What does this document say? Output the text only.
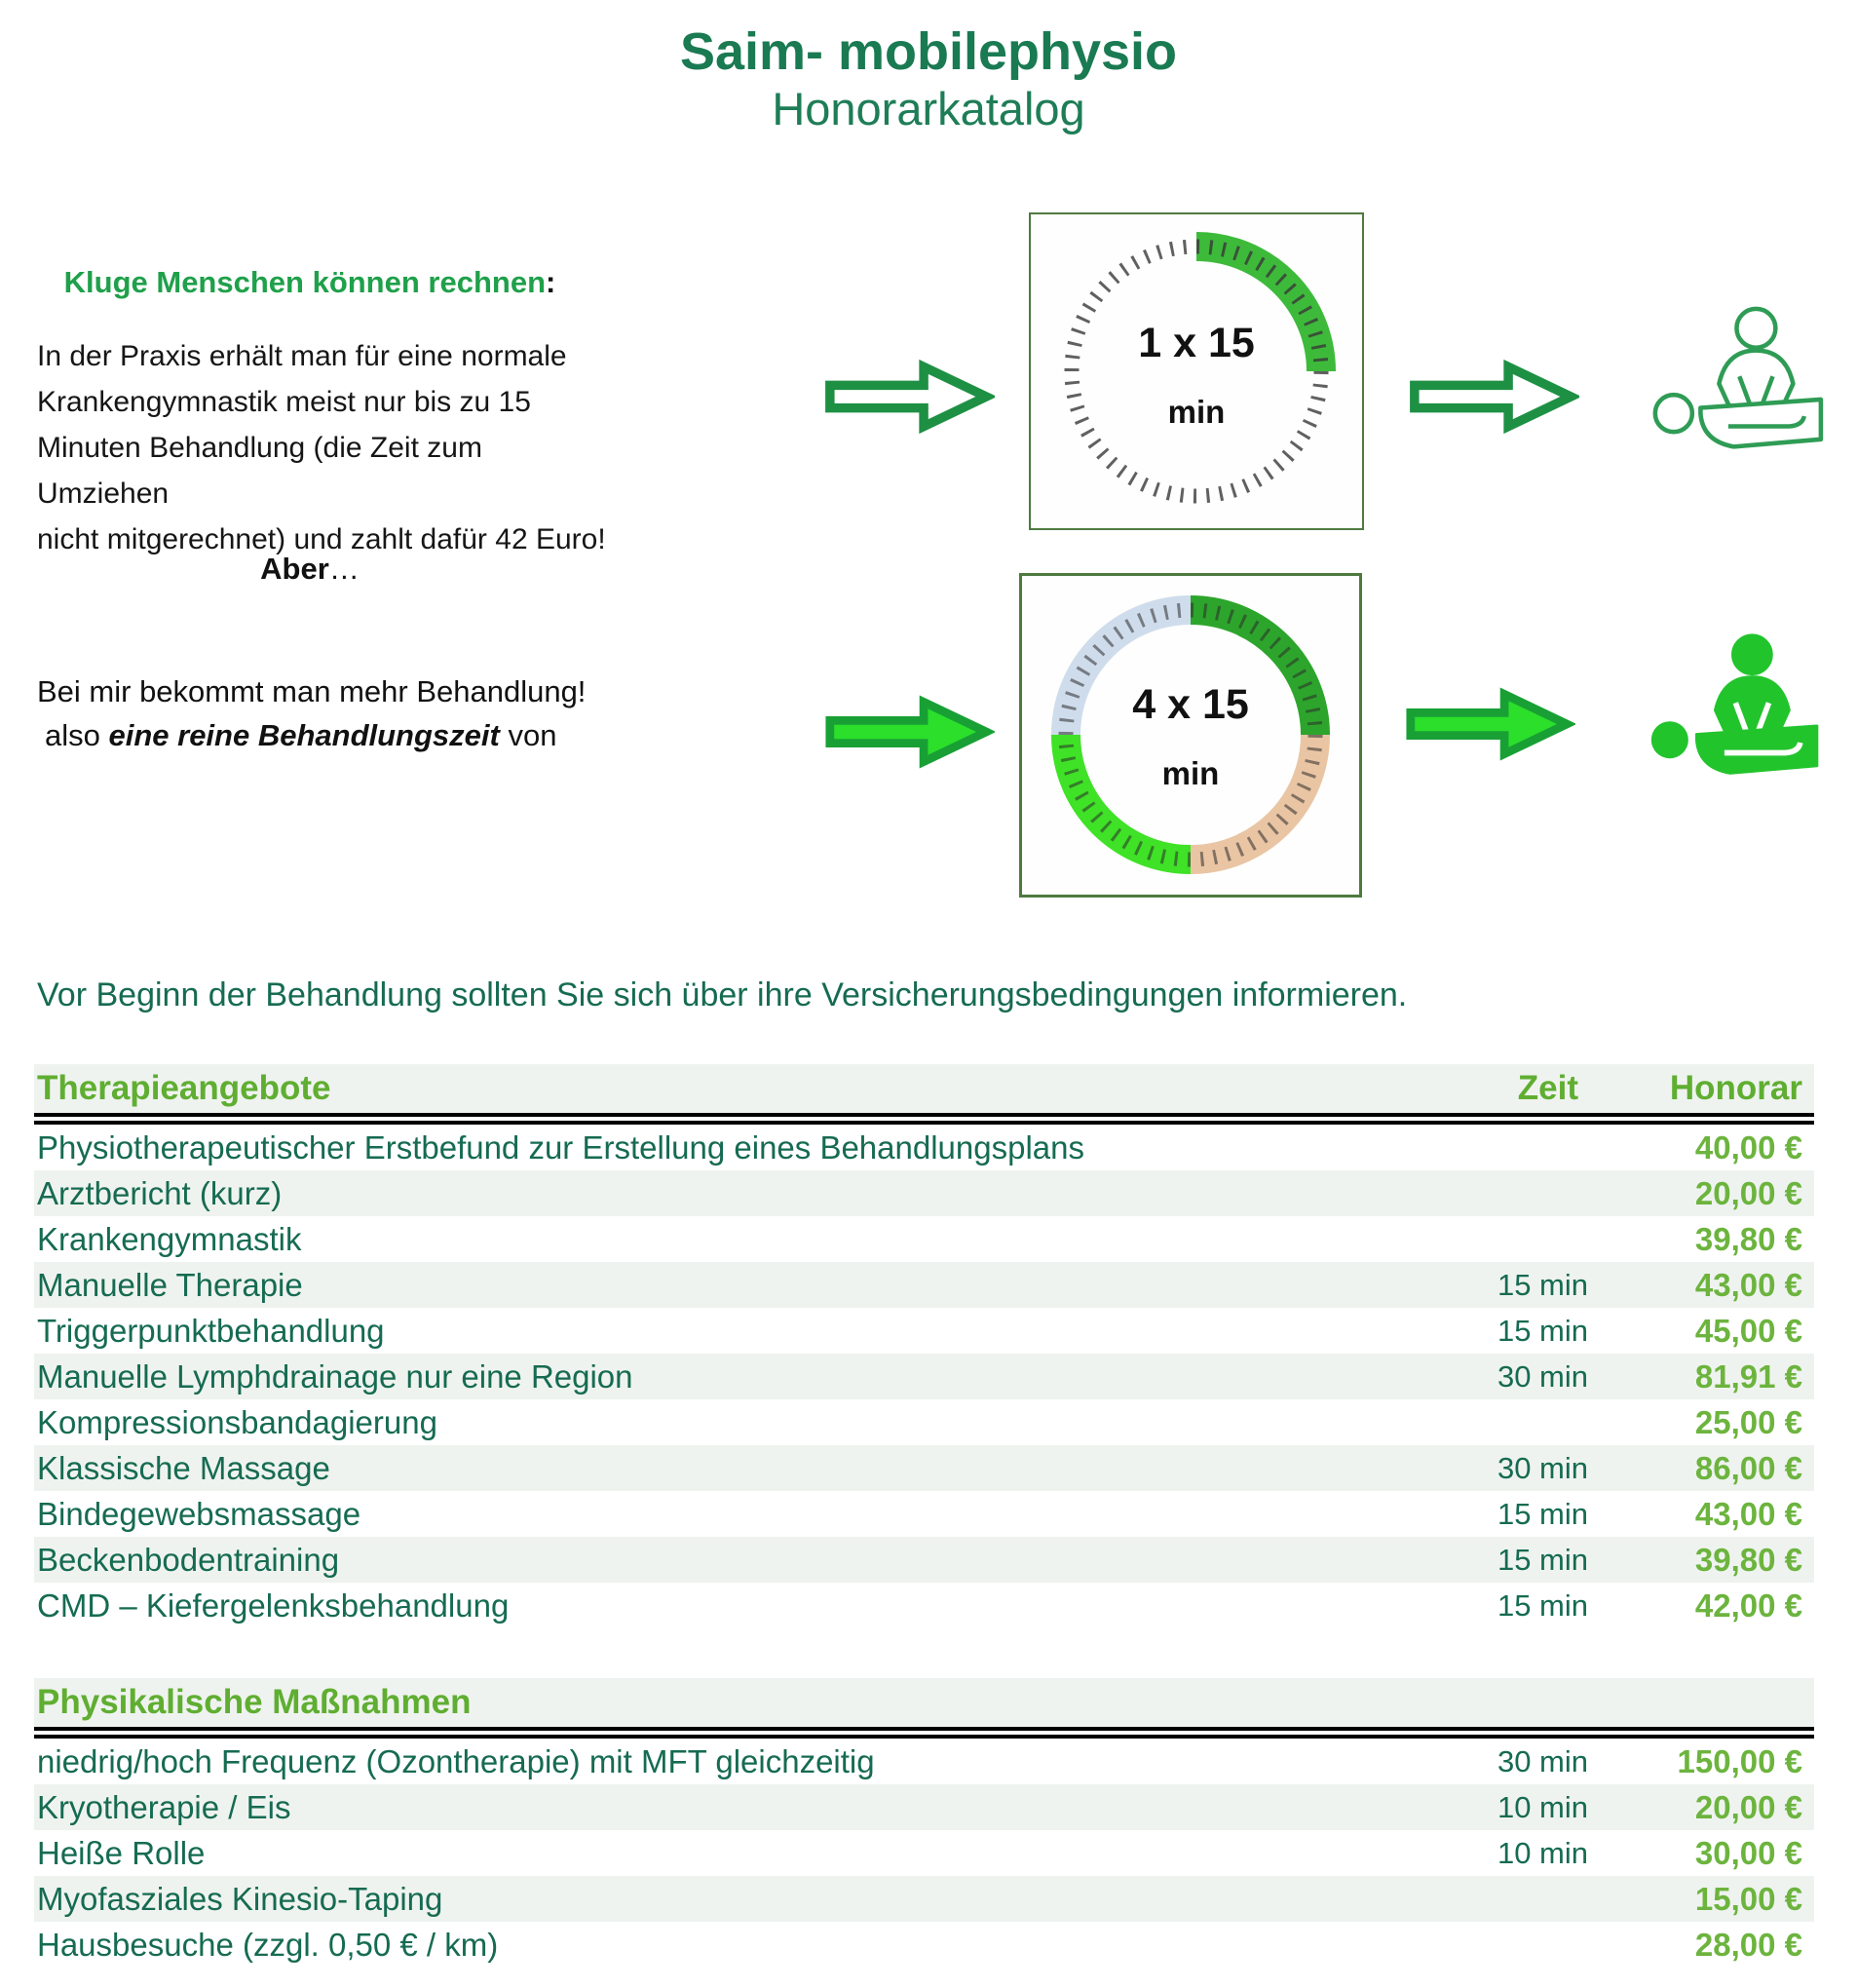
Saim- mobilephysio
Honorarkatalog
Kluge Menschen können rechnen:
In der Praxis erhält man für eine normale
Krankengymnastik meist nur bis zu 15
Minuten Behandlung (die Zeit zum Umziehen
nicht mitgerechnet) und zahlt dafür 42 Euro!
Aber…
Bei mir bekommt man mehr Behandlung!
also eine reine Behandlungszeit von
1 x 15
min
4 x 15
min
Vor Beginn der Behandlung sollten Sie sich über ihre Versicherungsbedingungen informieren.
Therapieangebote	Zeit	Honorar
Physiotherapeutischer Erstbefund zur Erstellung eines Behandlungsplans	40,00 €
Arztbericht (kurz)	20,00 €
Krankengymnastik	39,80 €
Manuelle Therapie	15 min	43,00 €
Triggerpunktbehandlung	15 min	45,00 €
Manuelle Lymphdrainage nur eine Region	30 min	81,91 €
Kompressionsbandagierung	25,00 €
Klassische Massage	30 min	86,00 €
Bindegewebsmassage	15 min	43,00 €
Beckenbodentraining	15 min	39,80 €
CMD – Kiefergelenksbehandlung	15 min	42,00 €
Physikalische Maßnahmen
niedrig/hoch Frequenz (Ozontherapie) mit MFT gleichzeitig	30 min	150,00 €
Kryotherapie / Eis	10 min	20,00 €
Heiße Rolle	10 min	30,00 €
Myofasziales Kinesio-Taping	15,00 €
Hausbesuche (zzgl. 0,50 € / km)	28,00 €
